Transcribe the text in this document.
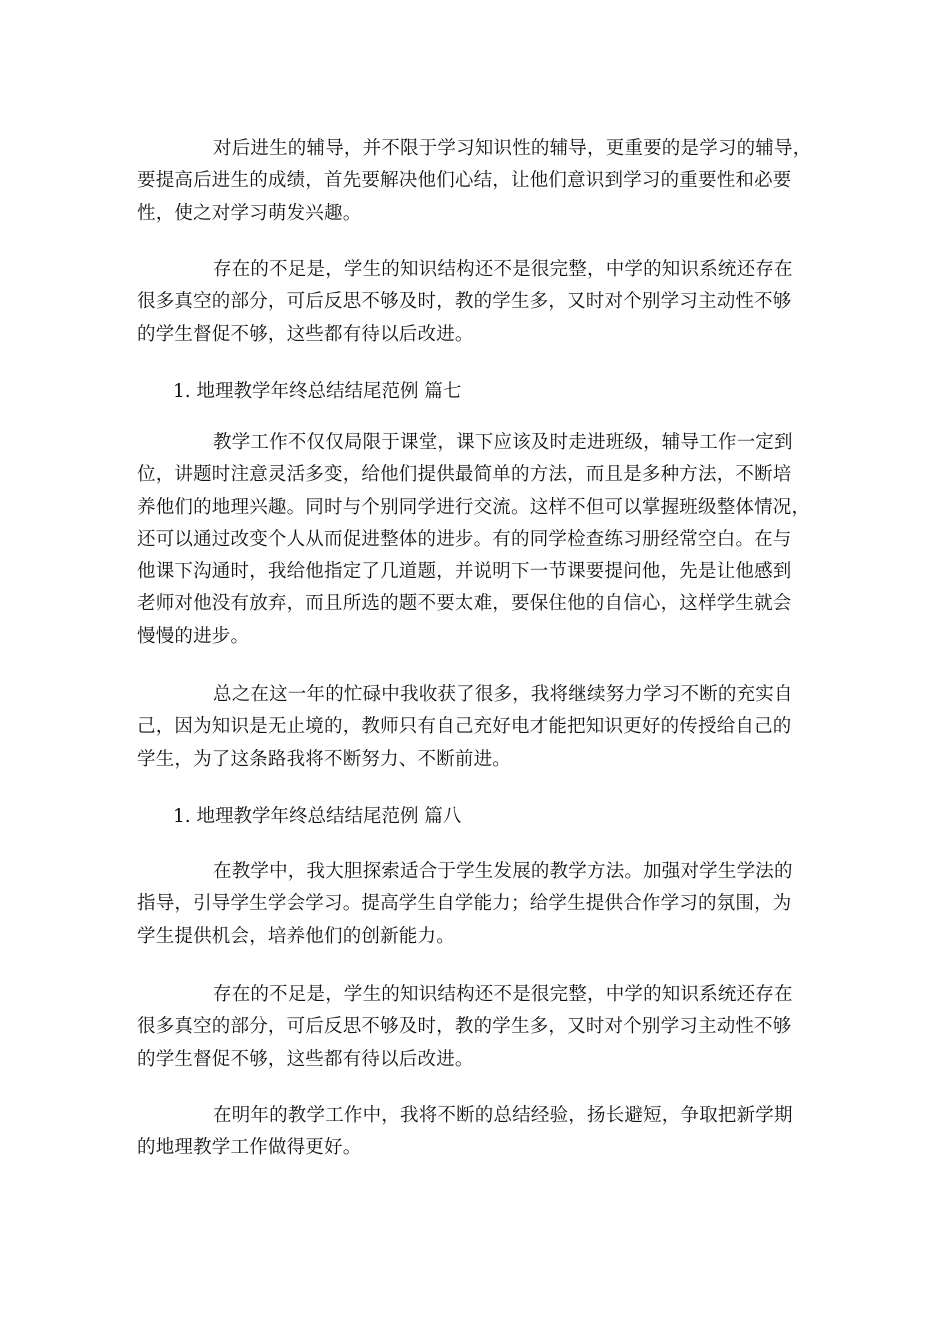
对后进生的辅导，并不限于学习知识性的辅导，更重要的是学习的辅导，
要提高后进生的成绩，首先要解决他们心结，让他们意识到学习的重要性和必要
性，使之对学习萌发兴趣。
存在的不足是，学生的知识结构还不是很完整，中学的知识系统还存在
很多真空的部分，可后反思不够及时，教的学生多，又时对个别学习主动性不够
的学生督促不够，这些都有待以后改进。
1. 地理教学年终总结结尾范例 篇七
教学工作不仅仅局限于课堂，课下应该及时走进班级，辅导工作一定到
位，讲题时注意灵活多变，给他们提供最简单的方法，而且是多种方法，不断培
养他们的地理兴趣。同时与个别同学进行交流。这样不但可以掌握班级整体情况，
还可以通过改变个人从而促进整体的进步。有的同学检查练习册经常空白。在与
他课下沟通时，我给他指定了几道题，并说明下一节课要提问他，先是让他感到
老师对他没有放弃，而且所选的题不要太难，要保住他的自信心，这样学生就会
慢慢的进步。
总之在这一年的忙碌中我收获了很多，我将继续努力学习不断的充实自
己，因为知识是无止境的，教师只有自己充好电才能把知识更好的传授给自己的
学生，为了这条路我将不断努力、不断前进。
1. 地理教学年终总结结尾范例 篇八
在教学中，我大胆探索适合于学生发展的教学方法。加强对学生学法的
指导，引导学生学会学习。提高学生自学能力；给学生提供合作学习的氛围，为
学生提供机会，培养他们的创新能力。
存在的不足是，学生的知识结构还不是很完整，中学的知识系统还存在
很多真空的部分，可后反思不够及时，教的学生多，又时对个别学习主动性不够
的学生督促不够，这些都有待以后改进。
在明年的教学工作中，我将不断的总结经验，扬长避短，争取把新学期
的地理教学工作做得更好。
